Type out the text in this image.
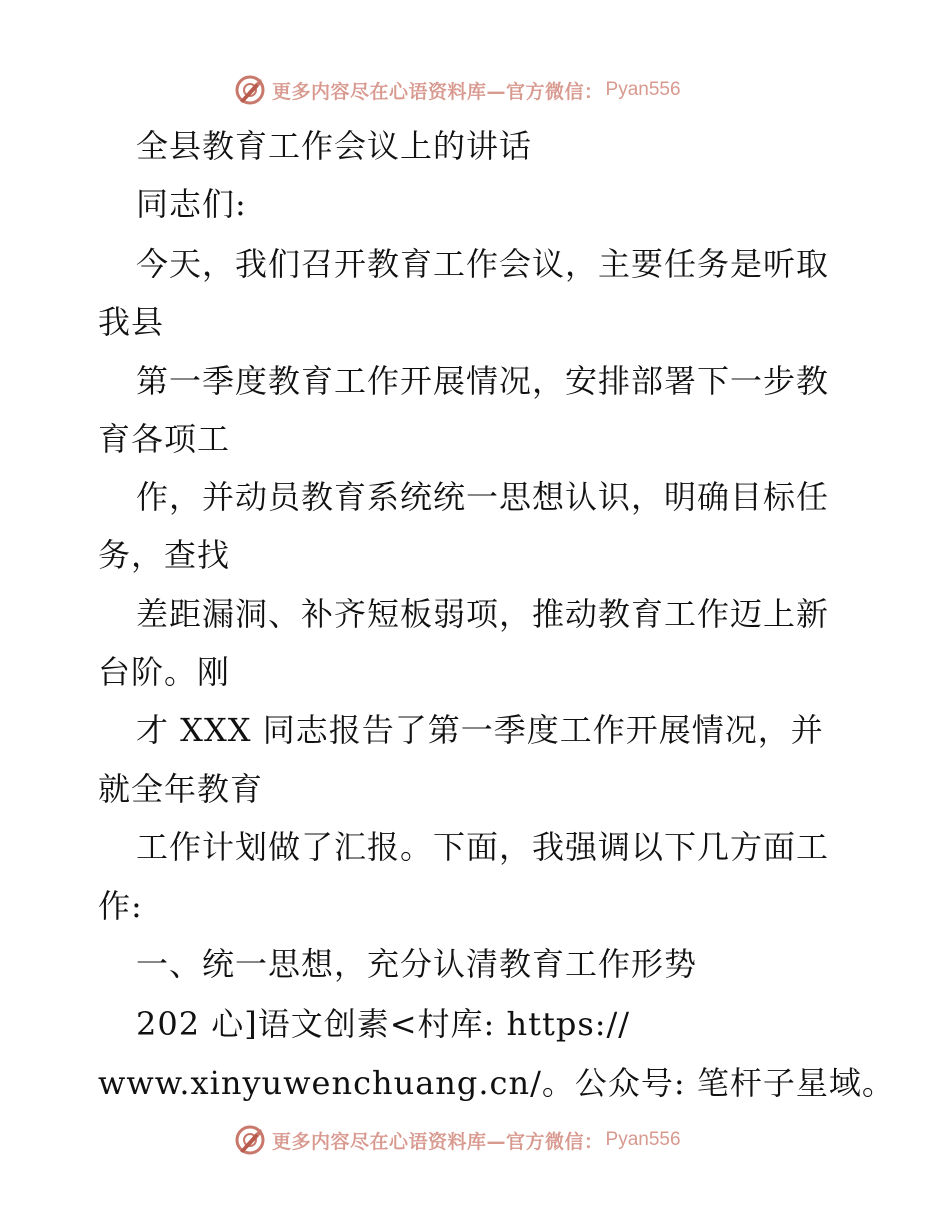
更多内容尽在心语资料库—官方微信： Pyan556
全县教育工作会议上的讲话
同志们:
今天，我们召开教育工作会议，主要任务是听取
我县
第一季度教育工作开展情况，安排部署下一步教
育各项工
作，并动员教育系统统一思想认识，明确目标任
务，查找
差距漏洞、补齐短板弱项，推动教育工作迈上新
台阶。刚
才 XXX 同志报告了第一季度工作开展情况，并
就全年教育
工作计划做了汇报。下面，我强调以下几方面工
作:
一、统一思想，充分认清教育工作形势
202 心]语文创素<村库: https://
www.xinyuwenchuang.cn/。公众号: 笔杆子星域。
更多内容尽在心语资料库—官方微信： Pyan556
